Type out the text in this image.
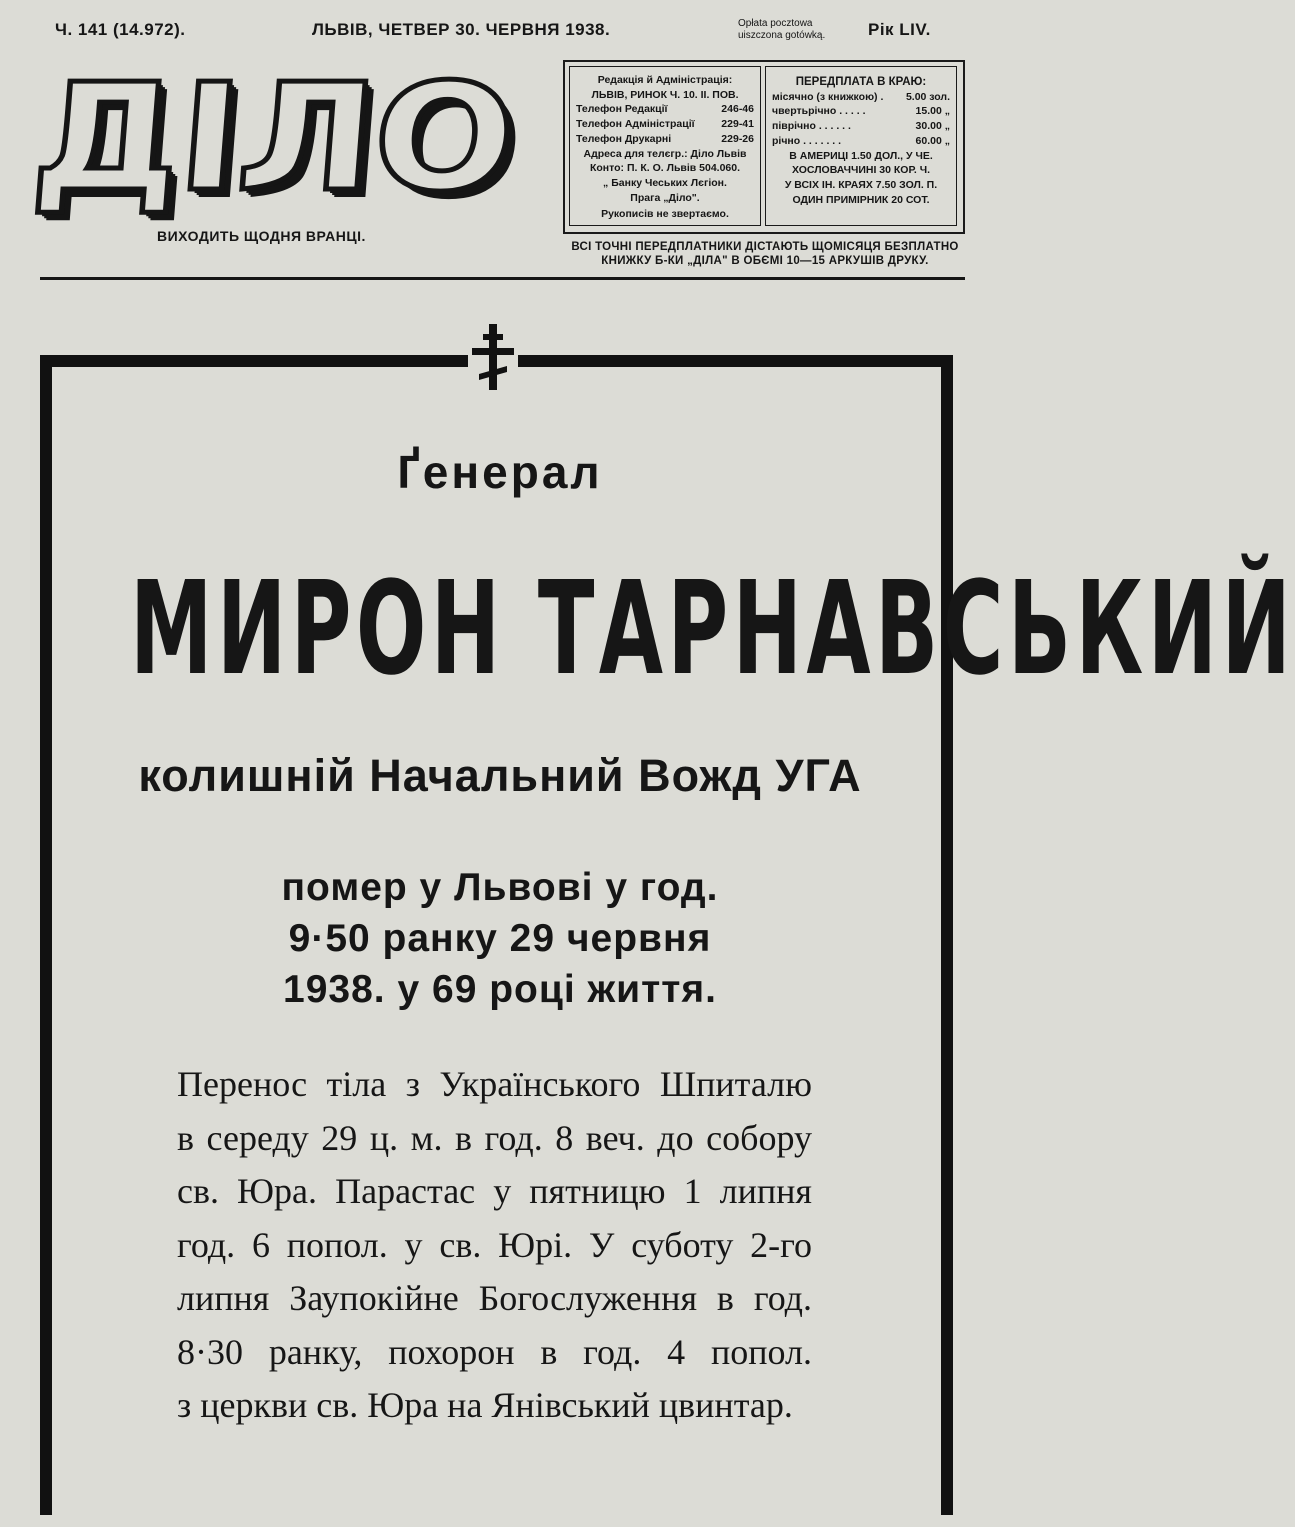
Ч. 141 (14.972).	ЛЬВІВ, ЧЕТВЕР 30. ЧЕРВНЯ 1938.	Opłata pocztowa uiszczona gotówką.	Рік LIV.
ДІЛО
ВИХОДИТЬ ЩОДНЯ ВРАНЦІ.
Редакція й Адміністрація:
ЛЬВІВ, РИНОК Ч. 10. II. ПОВ.
Телефон Редакції	246-46
Телефон Адміністрації	229-41
Телефон Друкарні	229-26
Адреса для телєгр.: Діло Львів
Конто: П. К. О. Львів 504.060.
„ Банку Чеських Лєгіон.
Прага „Діло".
Рукописів не звертаємо.
ПЕРЕДПЛАТА В КРАЮ:
місячно (з книжкою) . 5.00 зол.
чвертьрічно . . . . .	15.00 „
піврічно . . . . . .	30.00 „
річно . . . . . . .	60.00 „
В АМЕРИЦІ 1.50 ДОЛ., У ЧЕ.
ХОСЛОВАЧЧИНІ 30 КОР. Ч.
У ВСІХ ІН. КРАЯХ 7.50 ЗОЛ. П.
ОДИН ПРИМІРНИК 20 СОТ.
ВСІ ТОЧНІ ПЕРЕДПЛАТНИКИ ДІСТАЮТЬ ЩОМІСЯЦЯ БЕЗПЛАТНО
КНИЖКУ Б-КИ „ДІЛА" В ОБЄМІ 10—15 АРКУШІВ ДРУКУ.
Ґенерал
МИРОН ТАРНАВСЬКИЙ
колишній Начальний Вожд УГА
помер у Львові у год.
9·50 ранку 29 червня
1938. у 69 році життя.
Перенос тіла з Українського Шпиталю
в середу 29 ц. м. в год. 8 веч. до собору
св. Юра. Парастас у пятницю 1 липня
год. 6 попол. у св. Юрі. У суботу 2-го
липня Заупокійне Богослуження в год.
8·30 ранку, похорон в год. 4 попол.
з церкви св. Юра на Янівський цвинтар.
